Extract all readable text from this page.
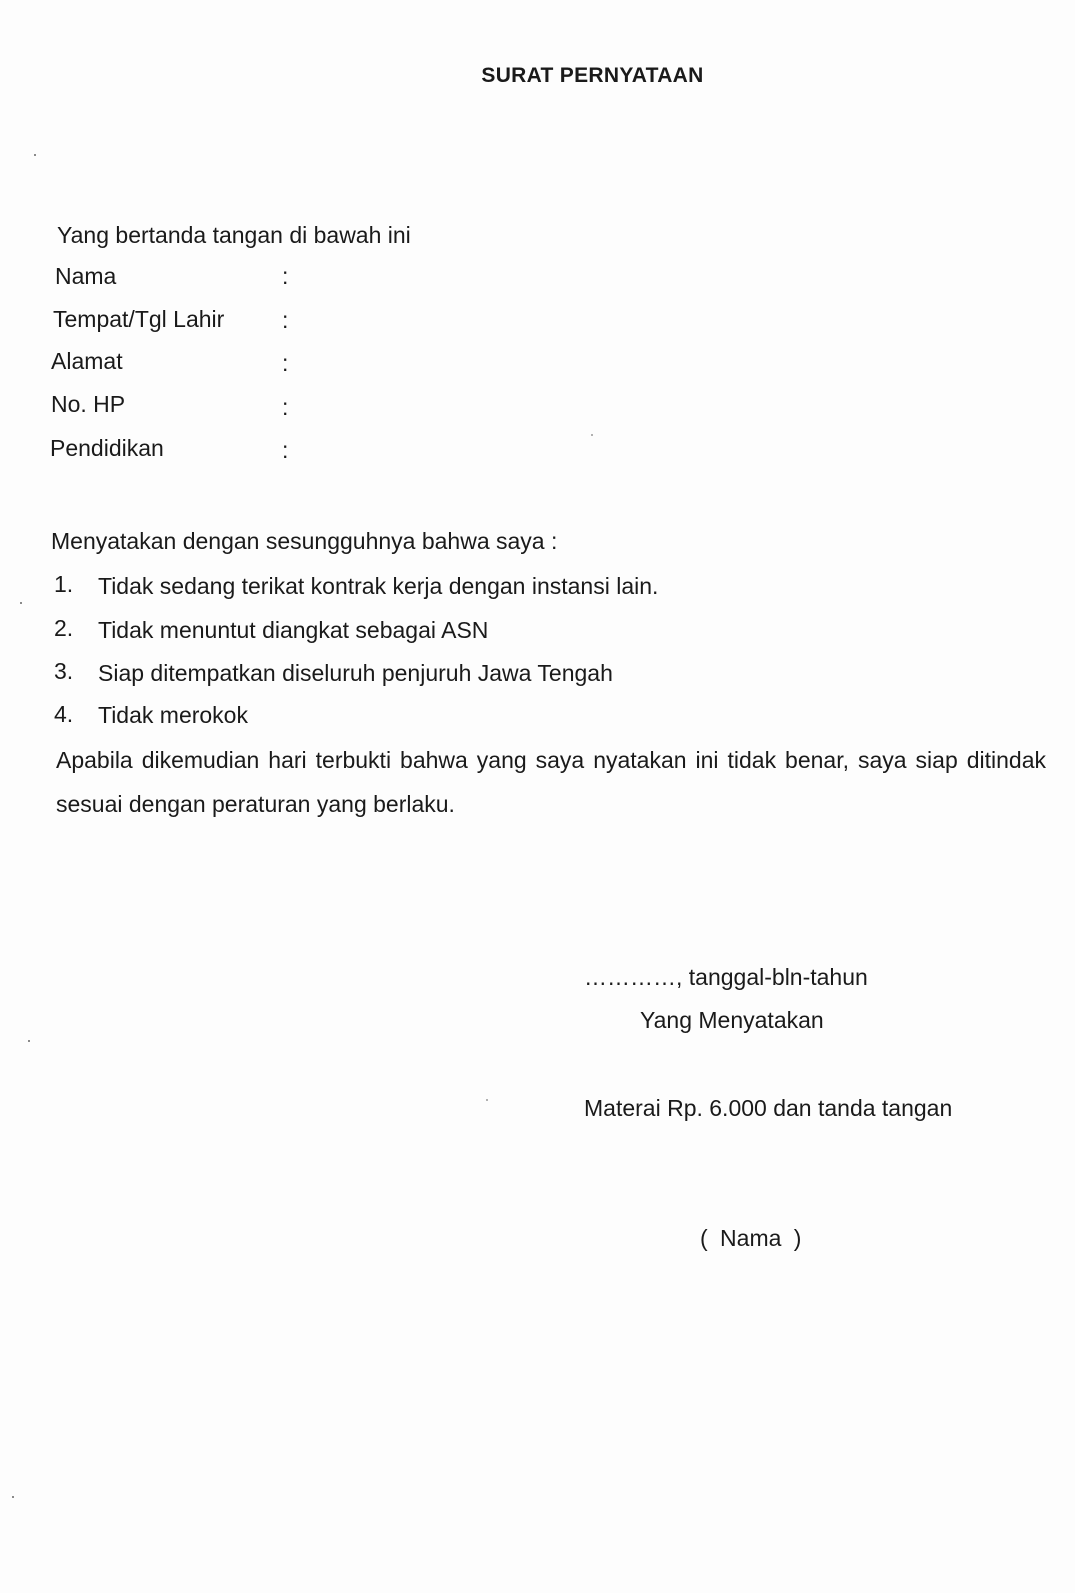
SURAT PERNYATAAN
Yang bertanda tangan di bawah ini
Nama	:
Tempat/Tgl Lahir	:
Alamat	:
No. HP	:
Pendidikan	:
Menyatakan dengan sesungguhnya bahwa saya :
1. Tidak sedang terikat kontrak kerja dengan instansi lain.
2. Tidak menuntut diangkat sebagai ASN
3. Siap ditempatkan diseluruh penjuruh Jawa Tengah
4. Tidak merokok
Apabila dikemudian hari terbukti bahwa yang saya nyatakan ini tidak benar, saya siap ditindak sesuai dengan peraturan yang berlaku.
…………, tanggal-bln-tahun
Yang Menyatakan
Materai Rp. 6.000 dan tanda tangan
( Nama )
